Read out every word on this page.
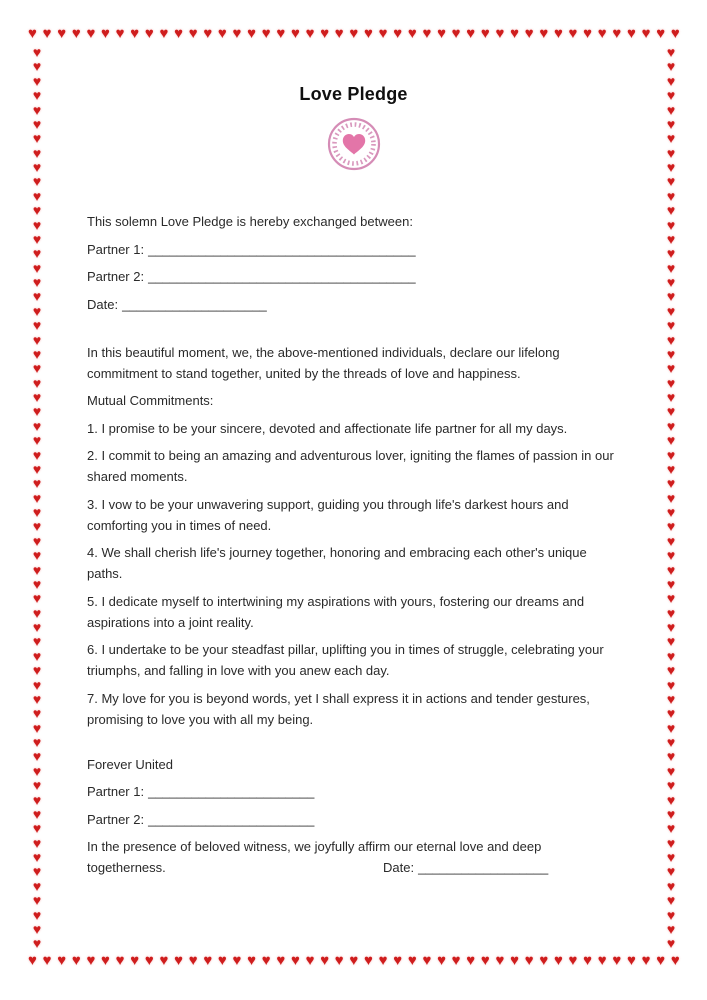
♥ ♥ ♥ ♥ ♥ ♥ ♥ ♥ ♥ ♥ ♥ ♥ ♥ ♥ ♥ ♥ ♥ ♥ ♥ ♥ ♥ ♥ ♥ ♥ ♥ ♥ ♥ ♥ ♥ ♥ ♥ ♥ ♥ ♥ ♥ ♥ ♥ ♥ ♥ ♥ ♥ ♥ ♥ ♥ ♥
♥ ♥ ♥ ♥ ♥ ♥ ♥ ♥ ♥ ♥ ♥ ♥ ♥ ♥ ♥ ♥ ♥ ♥ ♥ ♥ ♥ ♥ ♥ ♥ ♥ ♥ ♥ ♥ ♥ ♥ ♥ ♥ ♥ ♥ ♥ ♥ ♥ ♥ ♥ ♥ ♥ ♥ ♥ ♥ ♥
♥
♥
♥
♥
♥
♥
♥
♥
♥
♥
♥
♥
♥
♥
♥
♥
♥
♥
♥
♥
♥
♥
♥
♥
♥
♥
♥
♥
♥
♥
♥
♥
♥
♥
♥
♥
♥
♥
♥
♥
♥
♥
♥
♥
♥
♥
♥
♥
♥
♥
♥
♥
♥
♥
♥
♥
♥
♥
♥
♥
♥
♥
♥
♥
♥
♥
♥
♥
♥
♥
♥
♥
♥
♥
♥
♥
♥
♥
♥
♥
♥
♥
♥
♥
♥
♥
♥
♥
♥
♥
♥
♥
♥
♥
♥
♥
♥
♥
♥
♥
♥
♥
♥
♥
♥
♥
♥
♥
♥
♥
♥
♥
♥
♥
♥
♥
♥
♥
♥
♥
♥
♥
♥
♥
♥
♥
Love Pledge

This solemn Love Pledge is hereby exchanged between:

Partner 1: _____________________________________

Partner 2: _____________________________________

Date: ____________________

In this beautiful moment, we, the above-mentioned individuals, declare our lifelong commitment to stand together, united by the threads of love and happiness.

Mutual Commitments:

1. I promise to be your sincere, devoted and affectionate life partner for all my days.

2. I commit to being an amazing and adventurous lover, igniting the flames of passion in our shared moments.

3. I vow to be your unwavering support, guiding you through life's darkest hours and comforting you in times of need.

4. We shall cherish life's journey together, honoring and embracing each other's unique paths.

5. I dedicate myself to intertwining my aspirations with yours, fostering our dreams and aspirations into a joint reality.

6. I undertake to be your steadfast pillar, uplifting you in times of struggle, celebrating your triumphs, and falling in love with you anew each day.

7. My love for you is beyond words, yet I shall express it in actions and tender gestures, promising to love you with all my being.

Forever United

Partner 1: _______________________

Partner 2: _______________________

In the presence of beloved witness, we joyfully affirm our eternal love and deep togetherness.	Date: __________________
